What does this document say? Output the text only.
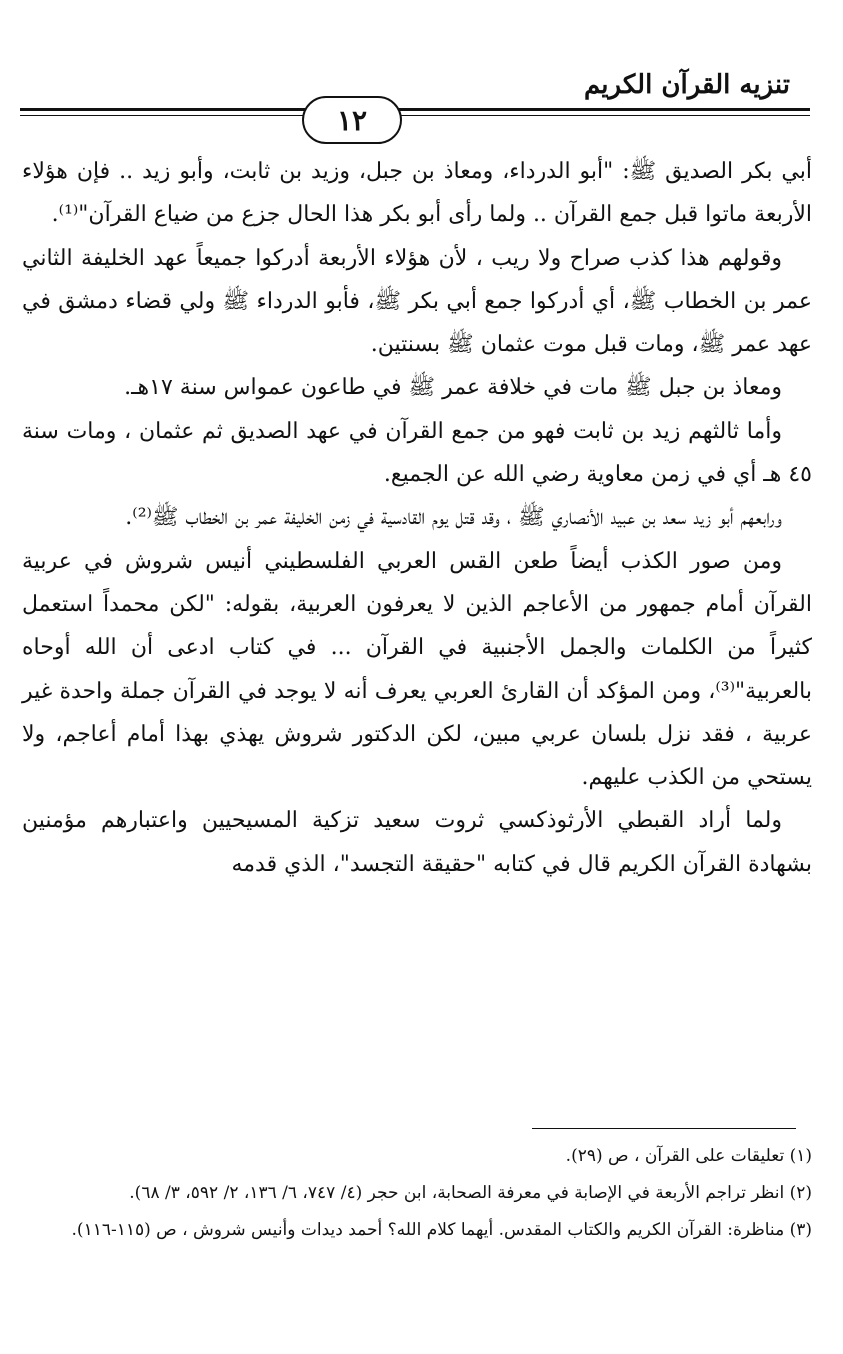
تنزيه القرآن الكريم
١٢

أبي بكر الصديق ﷺ: "أبو الدرداء، ومعاذ بن جبل، وزيد بن ثابت، وأبو زيد .. فإن هؤلاء الأربعة ماتوا قبل جمع القرآن .. ولما رأى أبو بكر هذا الحال جزع من ضياع القرآن"⁽¹⁾.

وقولهم هذا كذب صراح ولا ريب ، لأن هؤلاء الأربعة أدركوا جميعاً عهد الخليفة الثاني عمر بن الخطاب ﷺ، أي أدركوا جمع أبي بكر ﷺ، فأبو الدرداء ﷺ ولي قضاء دمشق في عهد عمر ﷺ، ومات قبل موت عثمان ﷺ بسنتين.

ومعاذ بن جبل ﷺ مات في خلافة عمر ﷺ في طاعون عمواس سنة ١٧هـ.

وأما ثالثهم زيد بن ثابت فهو من جمع القرآن في عهد الصديق ثم عثمان ، ومات سنة ٤٥ هـ أي في زمن معاوية رضي الله عن الجميع.

ورابعهم أبو زيد سعد بن عبيد الأنصاري ﷺ ، وقد قتل يوم القادسية في زمن الخليفة عمر بن الخطاب ﷺ⁽²⁾.

ومن صور الكذب أيضاً طعن القس العربي الفلسطيني أنيس شروش في عربية القرآن أمام جمهور من الأعاجم الذين لا يعرفون العربية، بقوله: "لكن محمداً استعمل كثيراً من الكلمات والجمل الأجنبية في القرآن ... في كتاب ادعى أن الله أوحاه بالعربية"⁽³⁾، ومن المؤكد أن القارئ العربي يعرف أنه لا يوجد في القرآن جملة واحدة غير عربية ، فقد نزل بلسان عربي مبين، لكن الدكتور شروش يهذي بهذا أمام أعاجم، ولا يستحي من الكذب عليهم.

ولما أراد القبطي الأرثوذكسي ثروت سعيد تزكية المسيحيين واعتبارهم مؤمنين بشهادة القرآن الكريم قال في كتابه "حقيقة التجسد"، الذي قدمه

(١) تعليقات على القرآن ، ص (٢٩).

(٢) انظر تراجم الأربعة في الإصابة في معرفة الصحابة، ابن حجر (٤/ ٧٤٧، ٦/ ١٣٦، ٢/ ٥٩٢، ٣/ ٦٨).

(٣) مناظرة: القرآن الكريم والكتاب المقدس. أيهما كلام الله؟ أحمد ديدات وأنيس شروش ، ص (١١٥-١١٦).
